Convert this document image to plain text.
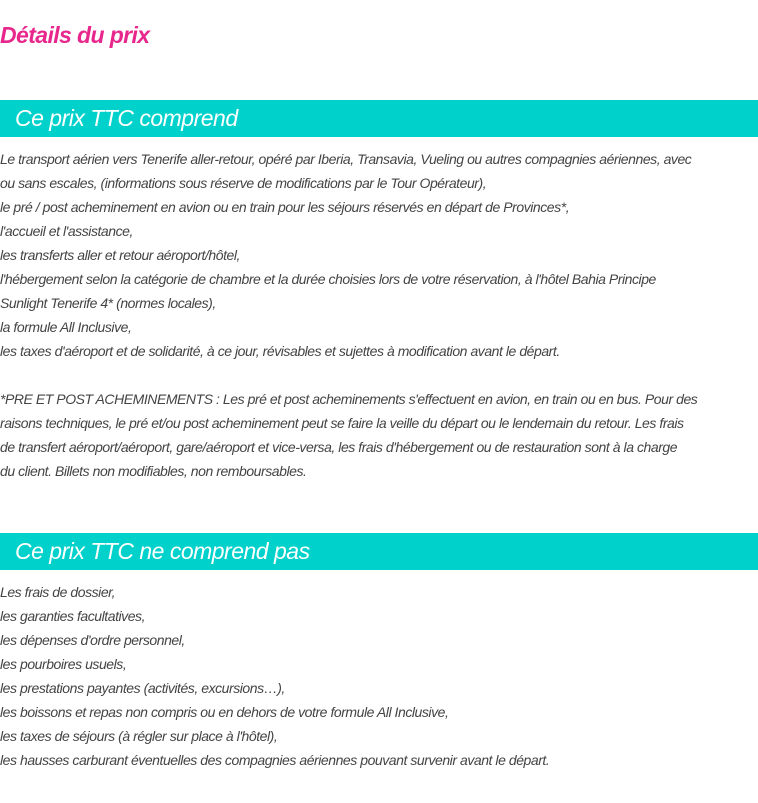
Détails du prix
Ce prix TTC comprend
Le transport aérien vers Tenerife aller-retour, opéré par Iberia, Transavia, Vueling ou autres compagnies aériennes, avec
ou sans escales, (informations sous réserve de modifications par le Tour Opérateur),
le pré / post acheminement en avion ou en train pour les séjours réservés en départ de Provinces*,
l'accueil et l'assistance,
les transferts aller et retour aéroport/hôtel,
l'hébergement selon la catégorie de chambre et la durée choisies lors de votre réservation, à l'hôtel Bahia Principe
Sunlight Tenerife 4* (normes locales),
la formule All Inclusive,
les taxes d'aéroport et de solidarité, à ce jour, révisables et sujettes à modification avant le départ.
*PRE ET POST ACHEMINEMENTS : Les pré et post acheminements s'effectuent en avion, en train ou en bus. Pour des
raisons techniques, le pré et/ou post acheminement peut se faire la veille du départ ou le lendemain du retour. Les frais
de transfert aéroport/aéroport, gare/aéroport et vice-versa, les frais d'hébergement ou de restauration sont à la charge
du client. Billets non modifiables, non remboursables.
Ce prix TTC ne comprend pas
Les frais de dossier,
les garanties facultatives,
les dépenses d'ordre personnel,
les pourboires usuels,
les prestations payantes (activités, excursions…),
les boissons et repas non compris ou en dehors de votre formule All Inclusive,
les taxes de séjours (à régler sur place à l'hôtel),
les hausses carburant éventuelles des compagnies aériennes pouvant survenir avant le départ.
